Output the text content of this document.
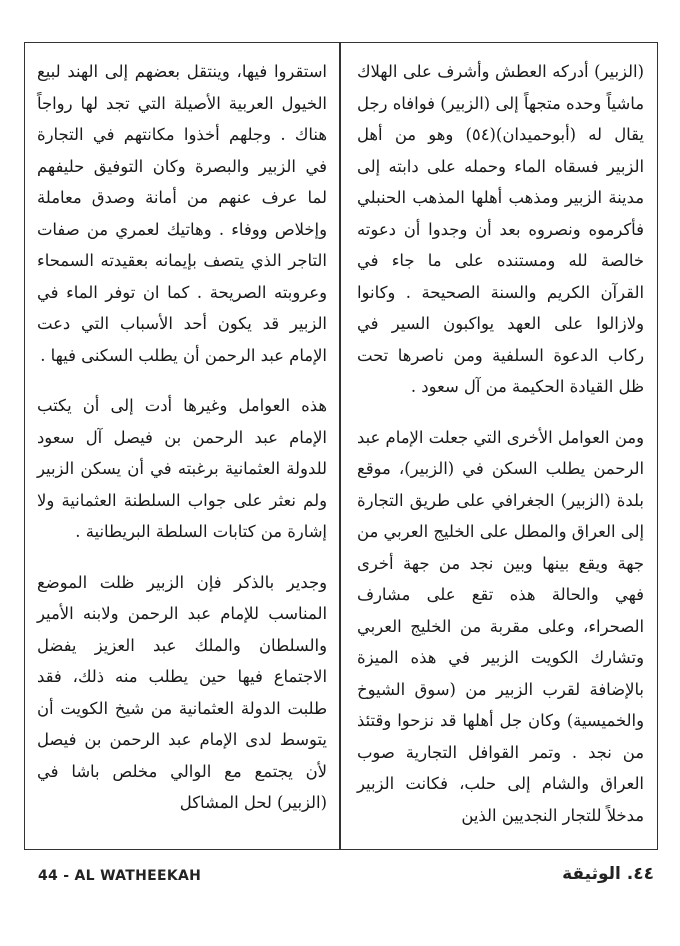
(الزبير) أدركه العطش وأشرف على الهلاك ماشياً وحده متجهاً إلى (الزبير) فوافاه رجل يقال له (أبوحميدان)(٥٤) وهو من أهل الزبير فسقاه الماء وحمله على دابته إلى مدينة الزبير ومذهب أهلها المذهب الحنبلي فأكرموه ونصروه بعد أن وجدوا أن دعوته خالصة لله ومستنده على ما جاء في القرآن الكريم والسنة الصحيحة . وكانوا ولازالوا على العهد يواكبون السير في ركاب الدعوة السلفية ومن ناصرها تحت ظل القيادة الحكيمة من آل سعود .

ومن العوامل الأخرى التي جعلت الإمام عبد الرحمن يطلب السكن في (الزبير)، موقع بلدة (الزبير) الجغرافي على طريق التجارة إلى العراق والمطل على الخليج العربي من جهة ويقع بينها وبين نجد من جهة أخرى فهي والحالة هذه تقع على مشارف الصحراء، وعلى مقربة من الخليج العربي وتشارك الكويت الزبير في هذه الميزة بالإضافة لقرب الزبير من (سوق الشيوخ والخميسية) وكان جل أهلها قد نزحوا وقتئذ من نجد . وتمر القوافل التجارية صوب العراق والشام إلى حلب، فكانت الزبير مدخلاً للتجار النجديين الذين

استقروا فيها، وينتقل بعضهم إلى الهند لبيع الخيول العربية الأصيلة التي تجد لها رواجاً هناك . وجلهم أخذوا مكانتهم في التجارة في الزبير والبصرة وكان التوفيق حليفهم لما عرف عنهم من أمانة وصدق معاملة وإخلاص ووفاء . وهاتيك لعمري من صفات التاجر الذي يتصف بإيمانه بعقيدته السمحاء وعروبته الصريحة . كما ان توفر الماء في الزبير قد يكون أحد الأسباب التي دعت الإمام عبد الرحمن أن يطلب السكنى فيها .

هذه العوامل وغيرها أدت إلى أن يكتب الإمام عبد الرحمن بن فيصل آل سعود للدولة العثمانية برغبته في أن يسكن الزبير ولم نعثر على جواب السلطنة العثمانية ولا إشارة من كتابات السلطة البريطانية .

وجدير بالذكر فإن الزبير ظلت الموضع المناسب للإمام عبد الرحمن ولابنه الأمير والسلطان والملك عبد العزيز يفضل الاجتماع فيها حين يطلب منه ذلك، فقد طلبت الدولة العثمانية من شيخ الكويت أن يتوسط لدى الإمام عبد الرحمن بن فيصل لأن يجتمع مع الوالي مخلص باشا في (الزبير) لحل المشاكل

44 - AL WATHEEKAH	٤٤. الوثيقة
